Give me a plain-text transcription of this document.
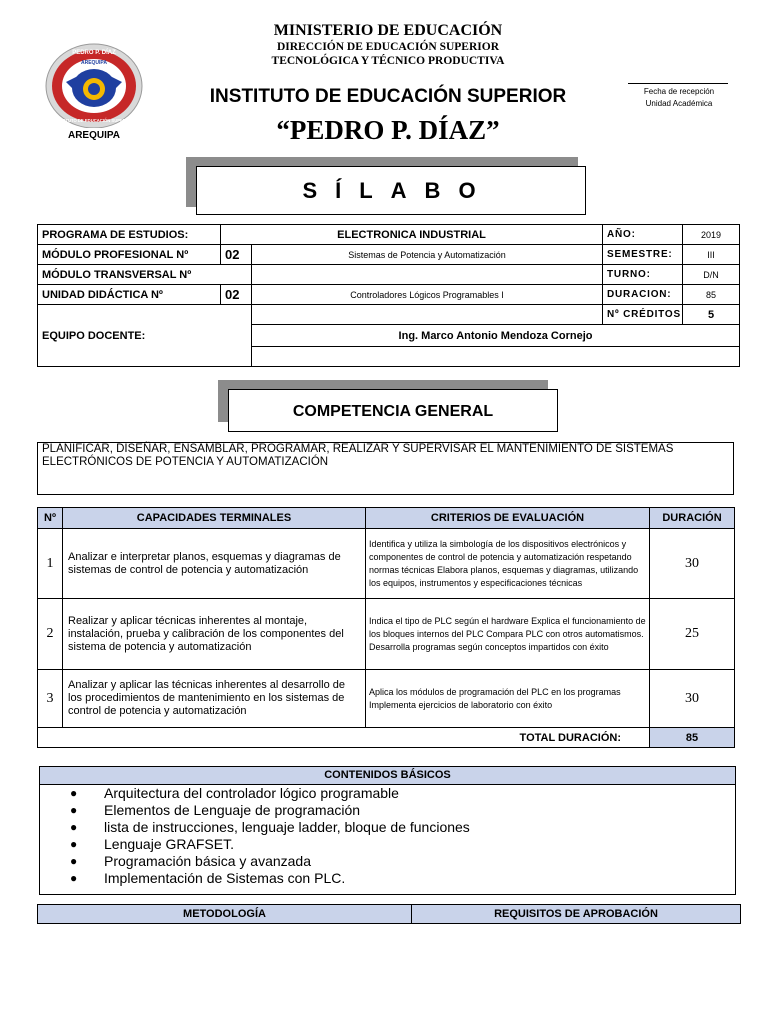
PEDRO P. DÍAZ
AREQUIPA
INSTITUTO DE EDUCACIÓN SUPERIOR
MINISTERIO DE EDUCACIÓN
DIRECCIÓN DE EDUCACIÓN SUPERIOR
TECNOLÓGICA Y TÉCNICO PRODUCTIVA
INSTITUTO DE EDUCACIÓN SUPERIOR
“PEDRO P. DÍAZ”
AREQUIPA
Fecha de recepción
Unidad Académica
SÍLABO
PROGRAMA DE ESTUDIOS:	ELECTRONICA INDUSTRIAL		AÑO:	2019
MÓDULO PROFESIONAL Nº	02	Sistemas de Potencia y Automatización	SEMESTRE:	III
MÓDULO TRANSVERSAL Nº			TURNO:	D/N
UNIDAD DIDÁCTICA Nº	02	Controladores Lógicos Programables I	DURACION:	85
EQUIPO DOCENTE:			Nº CRÉDITOS	5
		Ing. Marco Antonio Mendoza Cornejo		

COMPETENCIA GENERAL
PLANIFICAR, DISEÑAR, ENSAMBLAR, PROGRAMAR, REALIZAR Y SUPERVISAR EL MANTENIMIENTO DE SISTEMAS ELECTRÓNICOS DE POTENCIA Y AUTOMATIZACIÓN
Nº	CAPACIDADES TERMINALES	CRITERIOS DE EVALUACIÓN	DURACIÓN
1	Analizar e interpretar planos, esquemas y diagramas de sistemas de control de potencia y automatización	Identifica y utiliza la simbología de los dispositivos electrónicos y componentes de control de potencia y automatización respetando normas técnicas Elabora planos, esquemas y diagramas, utilizando los equipos, instrumentos y especificaciones técnicas	30
2	Realizar y aplicar técnicas inherentes al montaje, instalación, prueba y calibración de los componentes del sistema de potencia y automatización	Indica el tipo de PLC según el hardware Explica el funcionamiento de los bloques internos del PLC Compara PLC con otros automatismos. Desarrolla programas según conceptos impartidos con éxito	25
3	Analizar y aplicar las técnicas inherentes al desarrollo de los procedimientos de mantenimiento en los sistemas de control de potencia y automatización	Aplica los módulos de programación del PLC en los programas Implementa ejercicios de laboratorio con éxito	30
TOTAL DURACIÓN:			85
CONTENIDOS BÁSICOS
● Arquitectura del controlador lógico programable
● Elementos de Lenguaje de programación
● lista de instrucciones, lenguaje ladder, bloque de funciones
● Lenguaje GRAFSET.
● Programación básica y avanzada
● Implementación de Sistemas con PLC.
METODOLOGÍA	REQUISITOS DE APROBACIÓN
